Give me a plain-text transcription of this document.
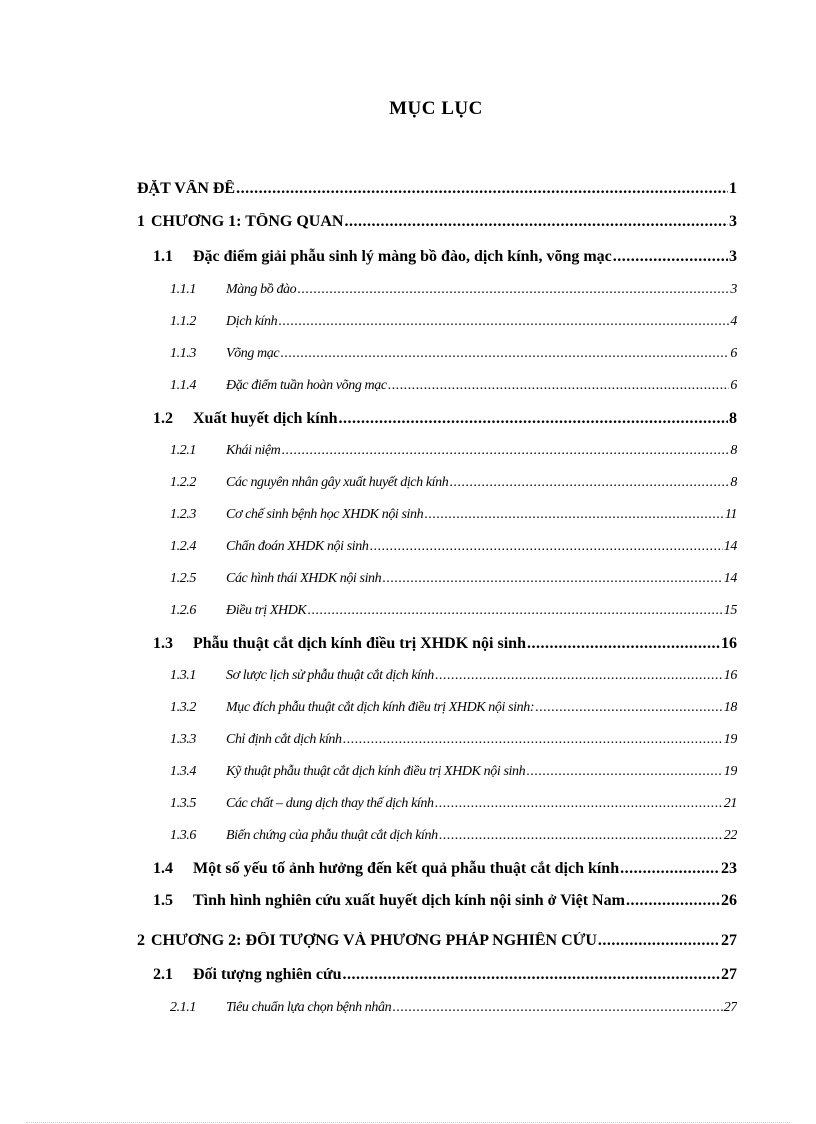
MỤC LỤC
ĐẶT VẤN ĐỀ .....	1
1 CHƯƠNG 1: TỔNG QUAN .....	3
1.1	Đặc điểm giải phẫu sinh lý màng bồ đào, dịch kính, võng mạc .....	3
1.1.1	Màng bồ đào .....	3
1.1.2	Dịch kính .....	4
1.1.3	Võng mạc .....	6
1.1.4	Đặc điểm tuần hoàn võng mạc .....	6
1.2	Xuất huyết dịch kính .....	8
1.2.1	Khái niệm .....	8
1.2.2	Các nguyên nhân gây xuất huyết dịch kính .....	8
1.2.3	Cơ chế sinh bệnh học XHDK nội sinh .....	11
1.2.4	Chẩn đoán XHDK nội sinh .....	14
1.2.5	Các hình thái XHDK nội sinh .....	14
1.2.6	Điều trị XHDK .....	15
1.3	Phẫu thuật cắt dịch kính điều trị XHDK nội sinh .....	16
1.3.1	Sơ lược lịch sử phẫu thuật cắt dịch kính .....	16
1.3.2	Mục đích phẫu thuật cắt dịch kính điều trị XHDK nội sinh: .....	18
1.3.3	Chỉ định cắt dịch kính .....	19
1.3.4	Kỹ thuật phẫu thuật cắt dịch kính điều trị XHDK nội sinh .....	19
1.3.5	Các chất – dung dịch thay thế dịch kính .....	21
1.3.6	Biến chứng của phẫu thuật cắt dịch kính .....	22
1.4	Một số yếu tố ảnh hưởng đến kết quả phẫu thuật cắt dịch kính .....	23
1.5	Tình hình nghiên cứu xuất huyết dịch kính nội sinh ở Việt Nam .....	26
2 CHƯƠNG 2: ĐỐI TƯỢNG VÀ PHƯƠNG PHÁP NGHIÊN CỨU .....	27
2.1	Đối tượng nghiên cứu .....	27
2.1.1	Tiêu chuẩn lựa chọn bệnh nhân .....	27
